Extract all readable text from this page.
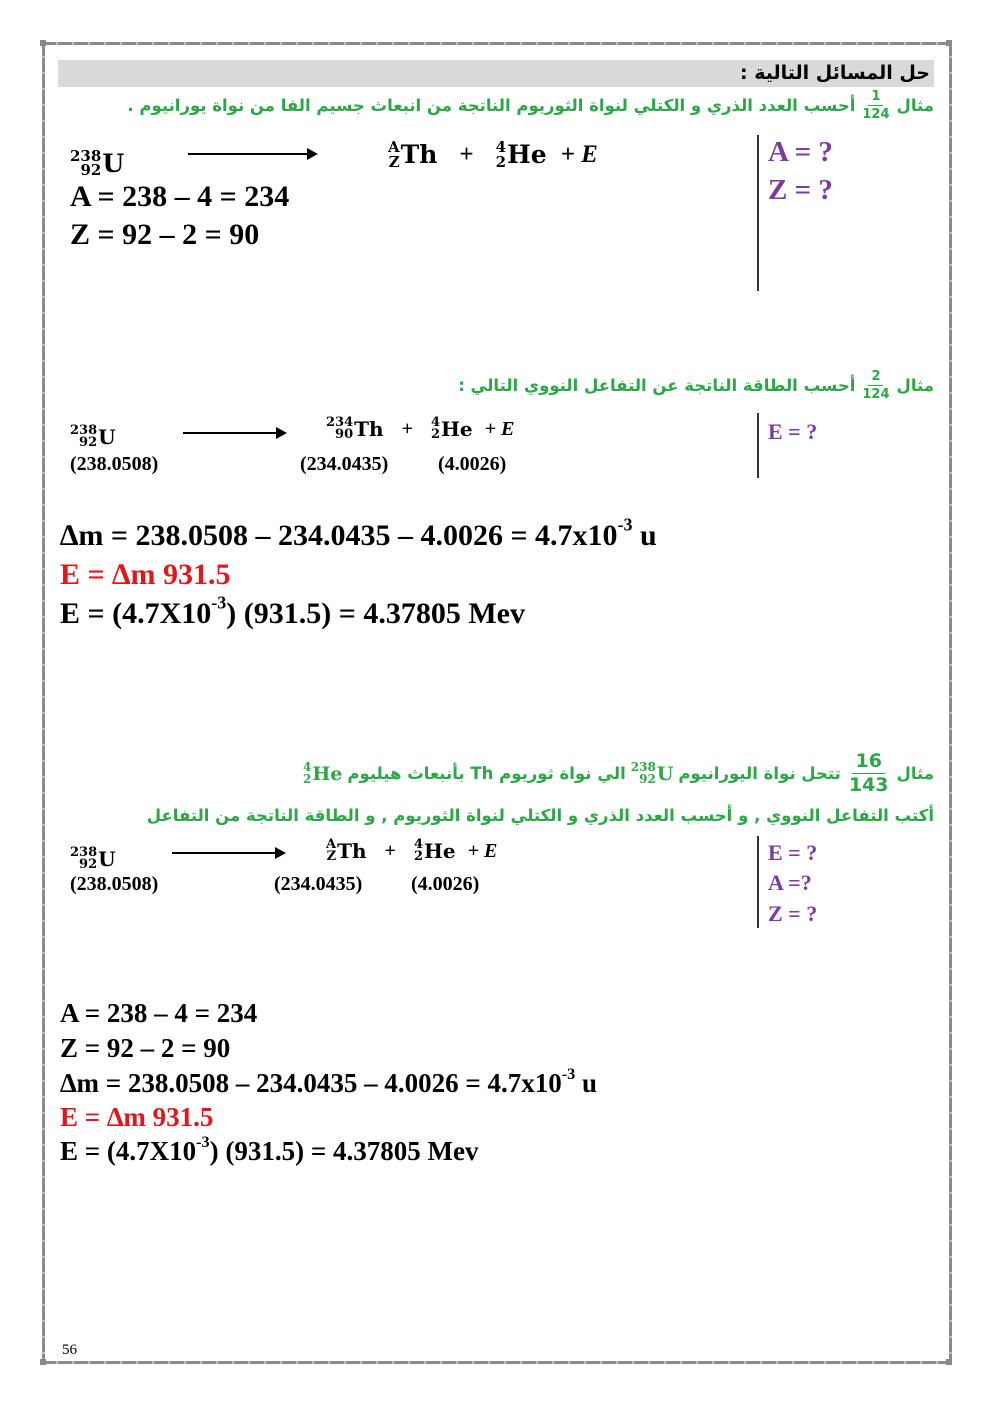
حل المسائل التالية :
مثال
$\frac{1}{124}$
أحسب العدد الذري و الكتلي لنواة الثوريوم الناتجة من انبعاث جسيم الفا من نواة يورانيوم .
238
92 U
A
Z Th + 4
2 He + E	A = ?
Z = ?
A = 238 – 4 = 234
Z = 92 – 2 = 90
مثال
$\frac{2}{124}$
أحسب الطاقة الناتجة عن التفاعل النووي التالي :
238
92 U
234
90 Th + 4
2 He + E
(238.0508)	(234.0435) (4.0026)
E = ?
$\Delta m = 238.0508 - 234.0435 - 4.0026 = 4.7x10^{-3}$ u
E = ∆m 931.5
$E = (4.7X10^{-3}) (931.5) = 4.37805$ Mev
مثال
$\frac{16}{143}$
تتحل نواة اليورانيوم
238
92 U
الي نواة ثوريوم Th بأنبعاث هيليوم
4
2 He
أكتب التفاعل النووي , و أحسب العدد الذري و الكتلي لنواة الثوريوم , و الطاقة الناتجة من التفاعل
238
92 U
A
Z Th + 4
2 He + E
(238.0508)	(234.0435) (4.0026)
E = ?
A =?
Z = ?
A = 238 – 4 = 234
Z = 92 – 2 = 90
$\Delta m = 238.0508 - 234.0435 - 4.0026 = 4.7x10^{-3}$ u
E = ∆m 931.5
$E = (4.7X10^{-3}) (931.5) = 4.37805$ Mev
56
